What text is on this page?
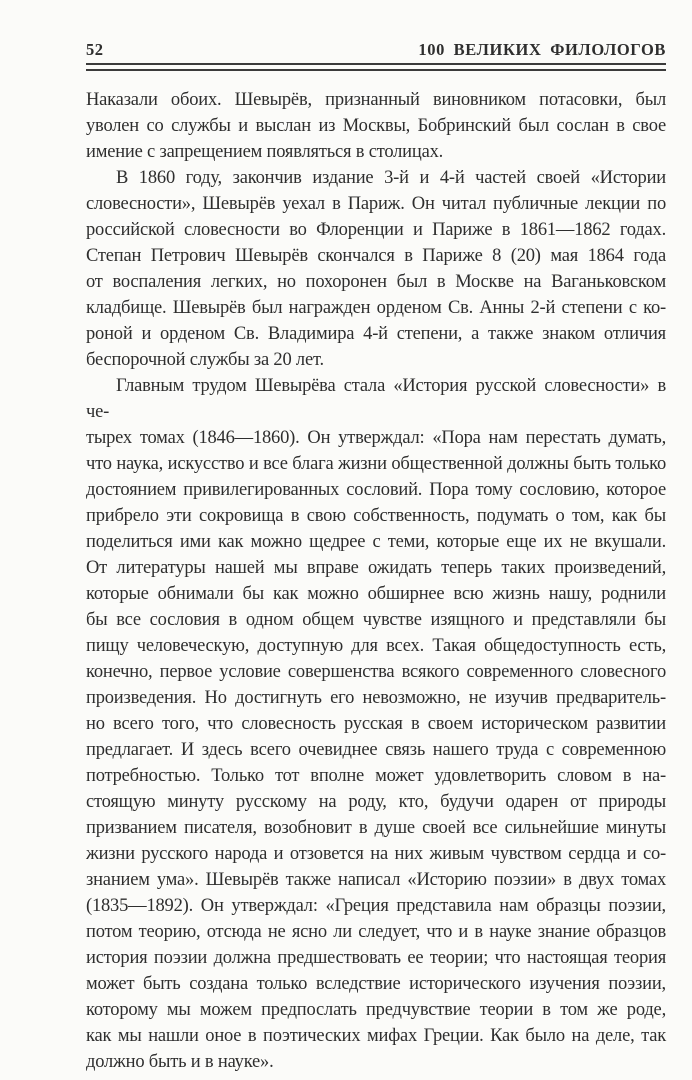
52	100 ВЕЛИКИХ ФИЛОЛОГОВ
Наказали обоих. Шевырёв, признанный виновником потасовки, был
уволен со службы и выслан из Москвы, Бобринский был сослан в свое
имение с запрещением появляться в столицах.
В 1860 году, закончив издание 3-й и 4-й частей своей «Истории
словесности», Шевырёв уехал в Париж. Он читал публичные лекции по
российской словесности во Флоренции и Париже в 1861—1862 годах.
Степан Петрович Шевырёв скончался в Париже 8 (20) мая 1864 года
от воспаления легких, но похоронен был в Москве на Ваганьковском
кладбище. Шевырёв был награжден орденом Св. Анны 2-й степени с ко-
роной и орденом Св. Владимира 4-й степени, а также знаком отличия
беспорочной службы за 20 лет.
Главным трудом Шевырёва стала «История русской словесности» в че-
тырех томах (1846—1860). Он утверждал: «Пора нам перестать думать,
что наука, искусство и все блага жизни общественной должны быть только
достоянием привилегированных сословий. Пора тому сословию, которое
прибрело эти сокровища в свою собственность, подумать о том, как бы
поделиться ими как можно щедрее с теми, которые еще их не вкушали.
От литературы нашей мы вправе ожидать теперь таких произведений,
которые обнимали бы как можно обширнее всю жизнь нашу, роднили
бы все сословия в одном общем чувстве изящного и представляли бы
пищу человеческую, доступную для всех. Такая общедоступность есть,
конечно, первое условие совершенства всякого современного словесного
произведения. Но достигнуть его невозможно, не изучив предваритель-
но всего того, что словесность русская в своем историческом развитии
предлагает. И здесь всего очевиднее связь нашего труда с современною
потребностью. Только тот вполне может удовлетворить словом в на-
стоящую минуту русскому на роду, кто, будучи одарен от природы
призванием писателя, возобновит в душе своей все сильнейшие минуты
жизни русского народа и отзовется на них живым чувством сердца и со-
знанием ума». Шевырёв также написал «Историю поэзии» в двух томах
(1835—1892). Он утверждал: «Греция представила нам образцы поэзии,
потом теорию, отсюда не ясно ли следует, что и в науке знание образцов
история поэзии должна предшествовать ее теории; что настоящая теория
может быть создана только вследствие исторического изучения поэзии,
которому мы можем предпослать предчувствие теории в том же роде,
как мы нашли оное в поэтических мифах Греции. Как было на деле, так
должно быть и в науке».
